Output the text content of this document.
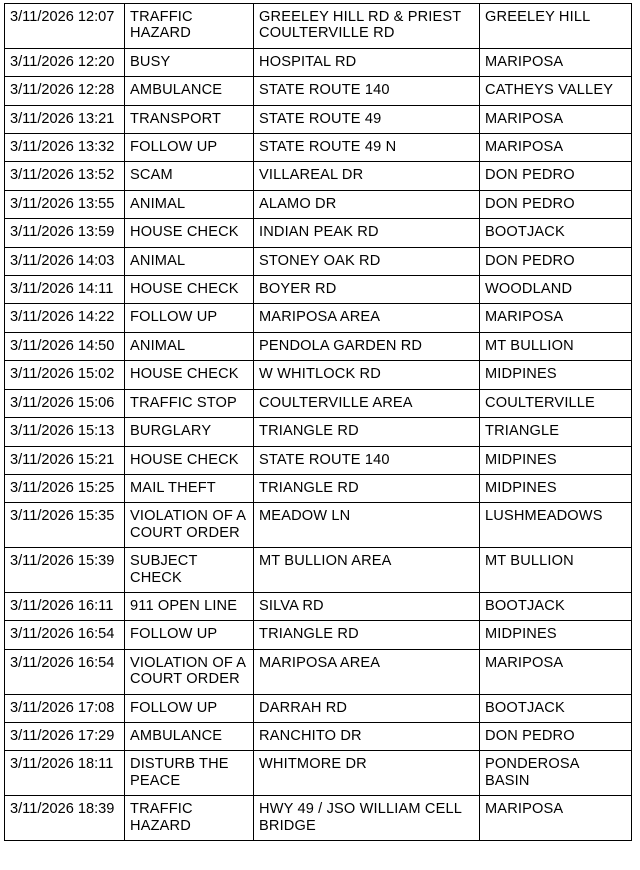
3/11/2026 12:07	TRAFFIC HAZARD	GREELEY HILL RD & PRIEST COULTERVILLE RD	GREELEY HILL
3/11/2026 12:20	BUSY	HOSPITAL RD	MARIPOSA
3/11/2026 12:28	AMBULANCE	STATE ROUTE 140	CATHEYS VALLEY
3/11/2026 13:21	TRANSPORT	STATE ROUTE 49	MARIPOSA
3/11/2026 13:32	FOLLOW UP	STATE ROUTE 49 N	MARIPOSA
3/11/2026 13:52	SCAM	VILLAREAL DR	DON PEDRO
3/11/2026 13:55	ANIMAL	ALAMO DR	DON PEDRO
3/11/2026 13:59	HOUSE CHECK	INDIAN PEAK RD	BOOTJACK
3/11/2026 14:03	ANIMAL	STONEY OAK RD	DON PEDRO
3/11/2026 14:11	HOUSE CHECK	BOYER RD	WOODLAND
3/11/2026 14:22	FOLLOW UP	MARIPOSA AREA	MARIPOSA
3/11/2026 14:50	ANIMAL	PENDOLA GARDEN RD	MT BULLION
3/11/2026 15:02	HOUSE CHECK	W WHITLOCK RD	MIDPINES
3/11/2026 15:06	TRAFFIC STOP	COULTERVILLE AREA	COULTERVILLE
3/11/2026 15:13	BURGLARY	TRIANGLE RD	TRIANGLE
3/11/2026 15:21	HOUSE CHECK	STATE ROUTE 140	MIDPINES
3/11/2026 15:25	MAIL THEFT	TRIANGLE RD	MIDPINES
3/11/2026 15:35	VIOLATION OF A COURT ORDER	MEADOW LN	LUSHMEADOWS
3/11/2026 15:39	SUBJECT CHECK	MT BULLION AREA	MT BULLION
3/11/2026 16:11	911 OPEN LINE	SILVA RD	BOOTJACK
3/11/2026 16:54	FOLLOW UP	TRIANGLE RD	MIDPINES
3/11/2026 16:54	VIOLATION OF A COURT ORDER	MARIPOSA AREA	MARIPOSA
3/11/2026 17:08	FOLLOW UP	DARRAH RD	BOOTJACK
3/11/2026 17:29	AMBULANCE	RANCHITO DR	DON PEDRO
3/11/2026 18:11	DISTURB THE PEACE	WHITMORE DR	PONDEROSA BASIN
3/11/2026 18:39	TRAFFIC HAZARD	HWY 49 / JSO WILLIAM CELL BRIDGE	MARIPOSA
